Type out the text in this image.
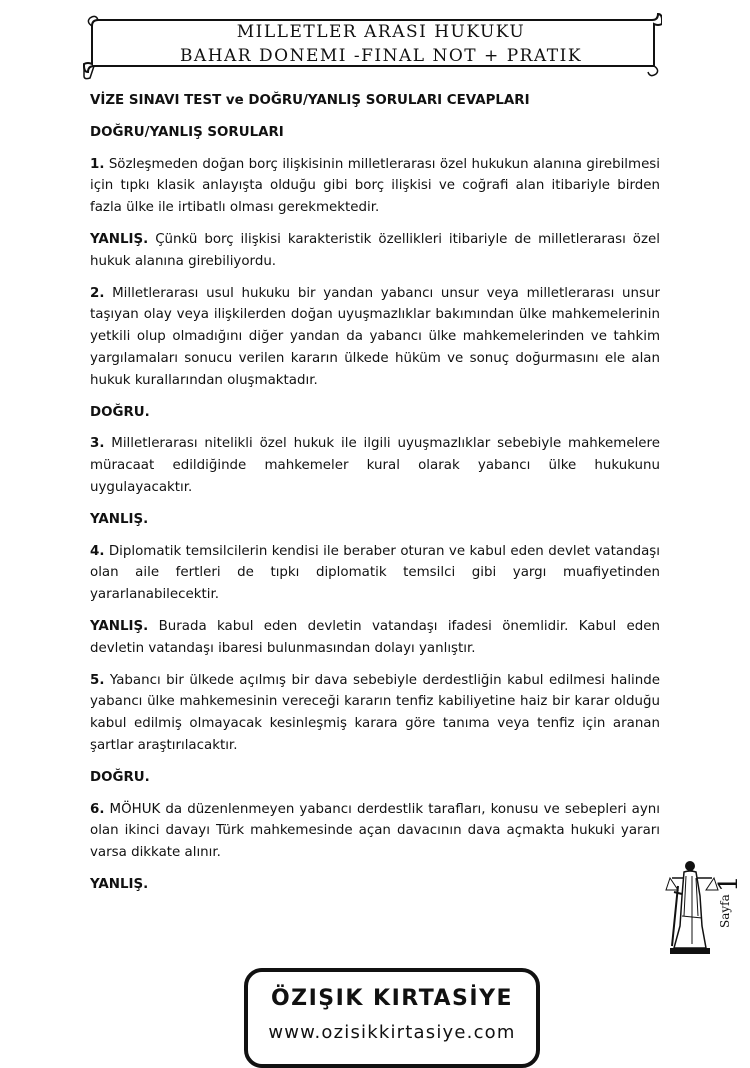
MILLETLER ARASI HUKUKU
BAHAR DONEMI -FINAL NOT + PRATIK

VİZE SINAVI TEST ve DOĞRU/YANLIŞ SORULARI CEVAPLARI

DOĞRU/YANLIŞ SORULARI

1. Sözleşmeden doğan borç ilişkisinin milletlerarası özel hukukun alanına girebilmesi için tıpkı klasik anlayışta olduğu gibi borç ilişkisi ve coğrafi alan itibariyle birden fazla ülke ile irtibatlı olması gerekmektedir.

YANLIŞ. Çünkü borç ilişkisi karakteristik özellikleri itibariyle de milletlerarası özel hukuk alanına girebiliyordu.

2. Milletlerarası usul hukuku bir yandan yabancı unsur veya milletlerarası unsur taşıyan olay veya ilişkilerden doğan uyuşmazlıklar bakımından ülke mahkemelerinin yetkili olup olmadığını diğer yandan da yabancı ülke mahkemelerinden ve tahkim yargılamaları sonucu verilen kararın ülkede hüküm ve sonuç doğurmasını ele alan hukuk kurallarından oluşmaktadır.

DOĞRU.

3. Milletlerarası nitelikli özel hukuk ile ilgili uyuşmazlıklar sebebiyle mahkemelere müracaat edildiğinde mahkemeler kural olarak yabancı ülke hukukunu uygulayacaktır.

YANLIŞ.

4. Diplomatik temsilcilerin kendisi ile beraber oturan ve kabul eden devlet vatandaşı olan aile fertleri de tıpkı diplomatik temsilci gibi yargı muafiyetinden yararlanabilecektir.

YANLIŞ. Burada kabul eden devletin vatandaşı ifadesi önemlidir. Kabul eden devletin vatandaşı ibaresi bulunmasından dolayı yanlıştır.

5. Yabancı bir ülkede açılmış bir dava sebebiyle derdestliğin kabul edilmesi halinde yabancı ülke mahkemesinin vereceği kararın tenfiz kabiliyetine haiz bir karar olduğu kabul edilmiş olmayacak kesinleşmiş karara göre tanıma veya tenfiz için aranan şartlar araştırılacaktır.

DOĞRU.

6. MÖHUK da düzenlenmeyen yabancı derdestlik tarafları, konusu ve sebepleri aynı olan ikinci davayı Türk mahkemesinde açan davacının dava açmakta hukuki yararı varsa dikkate alınır.

YANLIŞ.

Sayfa
1
ÖZIŞIK KIRTASİYE
www.ozisikkirtasiye.com
